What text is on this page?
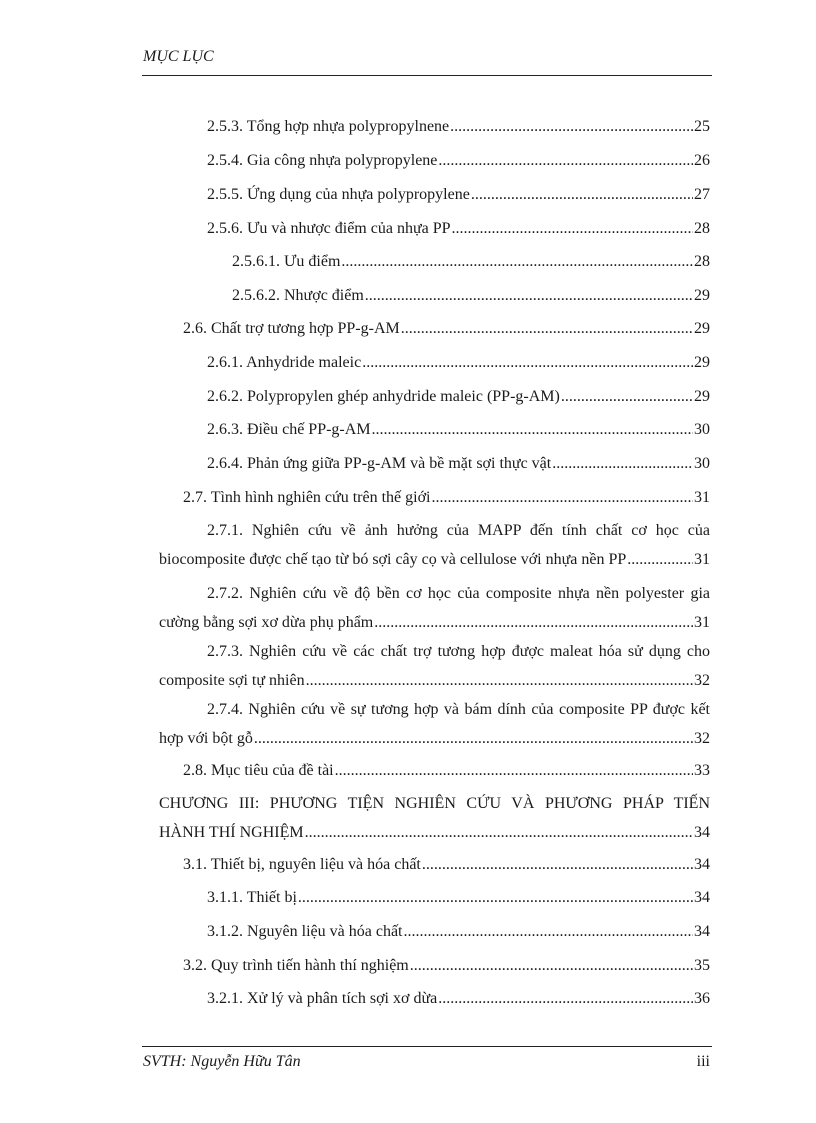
MỤC LỤC
2.5.3. Tổng hợp nhựa polypropylnene .....	25
2.5.4. Gia công nhựa polypropylene .....	26
2.5.5. Ứng dụng của nhựa polypropylene .....	27
2.5.6. Ưu và nhược điểm của nhựa PP .....	28
2.5.6.1. Ưu điểm .....	28
2.5.6.2. Nhược điểm .....	29
2.6. Chất trợ tương hợp PP-g-AM .....	29
2.6.1. Anhydride maleic .....	29
2.6.2. Polypropylen ghép anhydride maleic (PP-g-AM) .....	29
2.6.3. Điều chế PP-g-AM .....	30
2.6.4. Phản ứng giữa PP-g-AM và bề mặt sợi thực vật .....	30
2.7. Tình hình nghiên cứu trên thế giới .....	31
2.7.1. Nghiên cứu về ảnh hưởng của MAPP đến tính chất cơ học của
biocomposite được chế tạo từ bó sợi cây cọ và cellulose với nhựa nền PP .....	31
2.7.2. Nghiên cứu về độ bền cơ học của composite nhựa nền polyester gia
cường bằng sợi xơ dừa phụ phẩm .....	31
2.7.3. Nghiên cứu về các chất trợ tương hợp được maleat hóa sử dụng cho
composite sợi tự nhiên .....	32
2.7.4. Nghiên cứu về sự tương hợp và bám dính của composite PP được kết
hợp với bột gỗ .....	32
2.8. Mục tiêu của đề tài .....	33
CHƯƠNG III: PHƯƠNG TIỆN NGHIÊN CỨU VÀ PHƯƠNG PHÁP TIẾN
HÀNH THÍ NGHIỆM .....	34
3.1. Thiết bị, nguyên liệu và hóa chất .....	34
3.1.1. Thiết bị .....	34
3.1.2. Nguyên liệu và hóa chất .....	34
3.2. Quy trình tiến hành thí nghiệm .....	35
3.2.1. Xử lý và phân tích sợi xơ dừa .....	36
SVTH: Nguyễn Hữu Tân	iii
